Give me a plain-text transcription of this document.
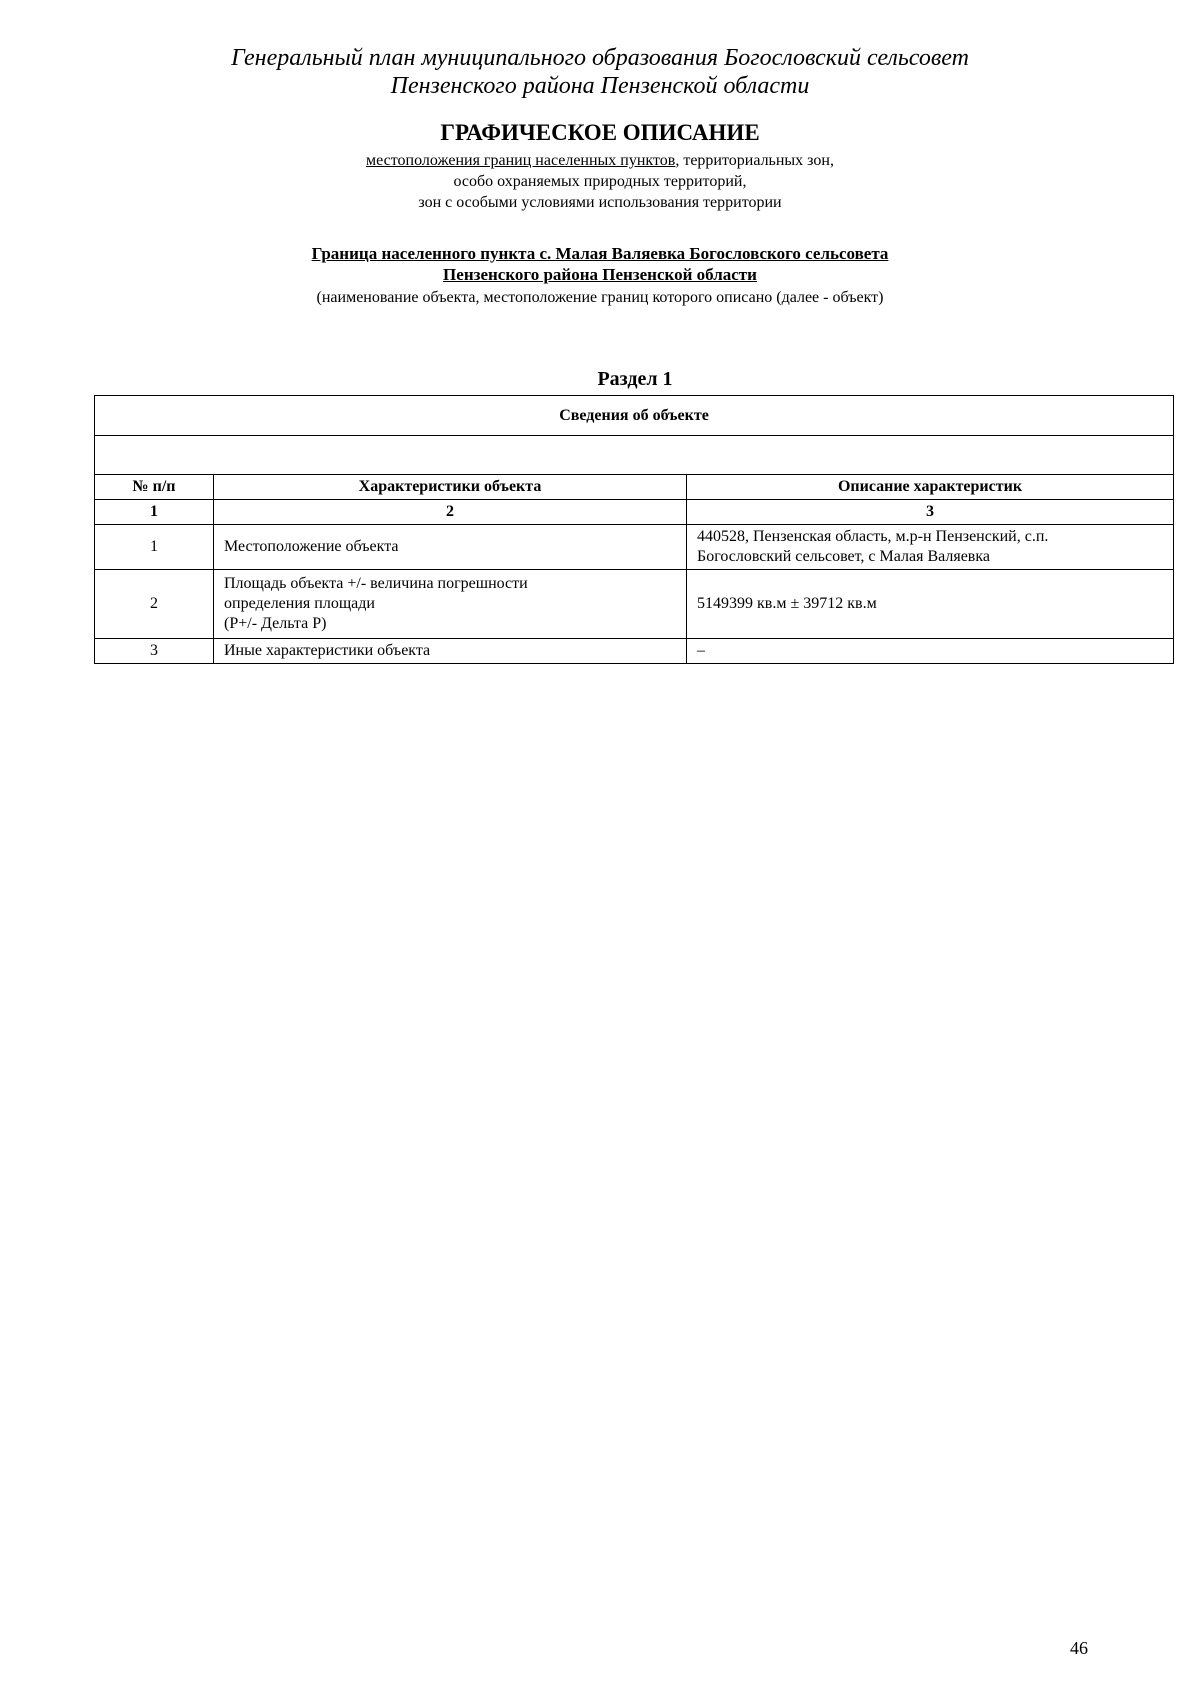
Генеральный план муниципального образования Богословский сельсовет
Пензенского района Пензенской области
ГРАФИЧЕСКОЕ ОПИСАНИЕ
местоположения границ населенных пунктов, территориальных зон,
особо охраняемых природных территорий,
зон с особыми условиями использования территории
Граница населенного пункта с. Малая Валяевка Богословского сельсовета
Пензенского района Пензенской области
(наименование объекта, местоположение границ которого описано (далее - объект)
Раздел 1
Сведения об объекте		

№ п/п	Характеристики объекта	Описание характеристик
1	2	3
1	Местоположение объекта	440528, Пензенская область, м.р-н Пензенский, с.п.
Богословский сельсовет, с Малая Валяевка

2	Площадь объекта +/- величина погрешности
определения площади
(Р+/- Дельта Р)	5149399 кв.м ± 39712 кв.м

3	Иные характеристики объекта	–
46
